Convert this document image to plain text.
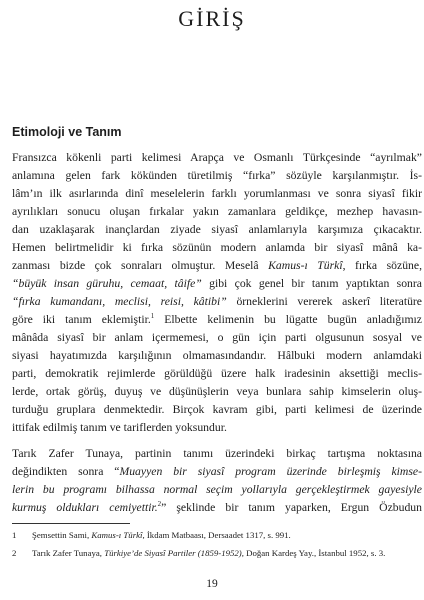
GİRİŞ
Etimoloji ve Tanım
Fransızca kökenli parti kelimesi Arapça ve Osmanlı Türkçesinde “ayrılmak”
anlamına gelen fark kökünden türetilmiş “fırka” sözüyle karşılanmıştır. İs-
lâm’ın ilk asırlarında dinî meselelerin farklı yorumlanması ve sonra siyasî fikir
ayrılıkları sonucu oluşan fırkalar yakın zamanlara geldikçe, mezhep havasın-
dan uzaklaşarak inançlardan ziyade siyasî anlamlarıyla karşımıza çıkacaktır.
Hemen belirtmelidir ki fırka sözünün modern anlamda bir siyasî mânâ ka-
zanması bizde çok sonraları olmuştur. Meselâ Kamus-ı Türkî, fırka sözüne,
“büyük insan güruhu, cemaat, tâife” gibi çok genel bir tanım yaptıktan sonra
“fırka kumandanı, meclisi, reisi, kâtibi” örneklerini vererek askerî literatüre
göre iki tanım eklemiştir.$^1$ Elbette kelimenin bu lügatte bugün anladığımız
mânâda siyasî bir anlam içermemesi, o gün için parti olgusunun sosyal ve
siyasi hayatımızda karşılığının olmamasındandır. Hâlbuki modern anlamdaki
parti, demokratik rejimlerde görüldüğü üzere halk iradesinin aksettiği meclis-
lerde, ortak görüş, duyuş ve düşünüşlerin veya bunlara sahip kimselerin oluş-
turduğu gruplara denmektedir. Birçok kavram gibi, parti kelimesi de üzerinde
ittifak edilmiş tanım ve tariflerden yoksundur.
Tarık Zafer Tunaya, partinin tanımı üzerindeki birkaç tartışma noktasına
değindikten sonra “Muayyen bir siyasî program üzerinde birleşmiş kimse-
lerin bu programı bilhassa normal seçim yollarıyla gerçekleştirmek gayesiyle
kurmuş oldukları cemiyettir.$^2$” şeklinde bir tanım yaparken, Ergun Özbudun
1 Şemsettin Sami, Kamus-ı Türkî, İkdam Matbaası, Dersaadet 1317, s. 991.
2 Tarık Zafer Tunaya, Türkiye’de Siyasî Partiler (1859-1952), Doğan Kardeş Yay., İstanbul 1952, s. 3.
19
